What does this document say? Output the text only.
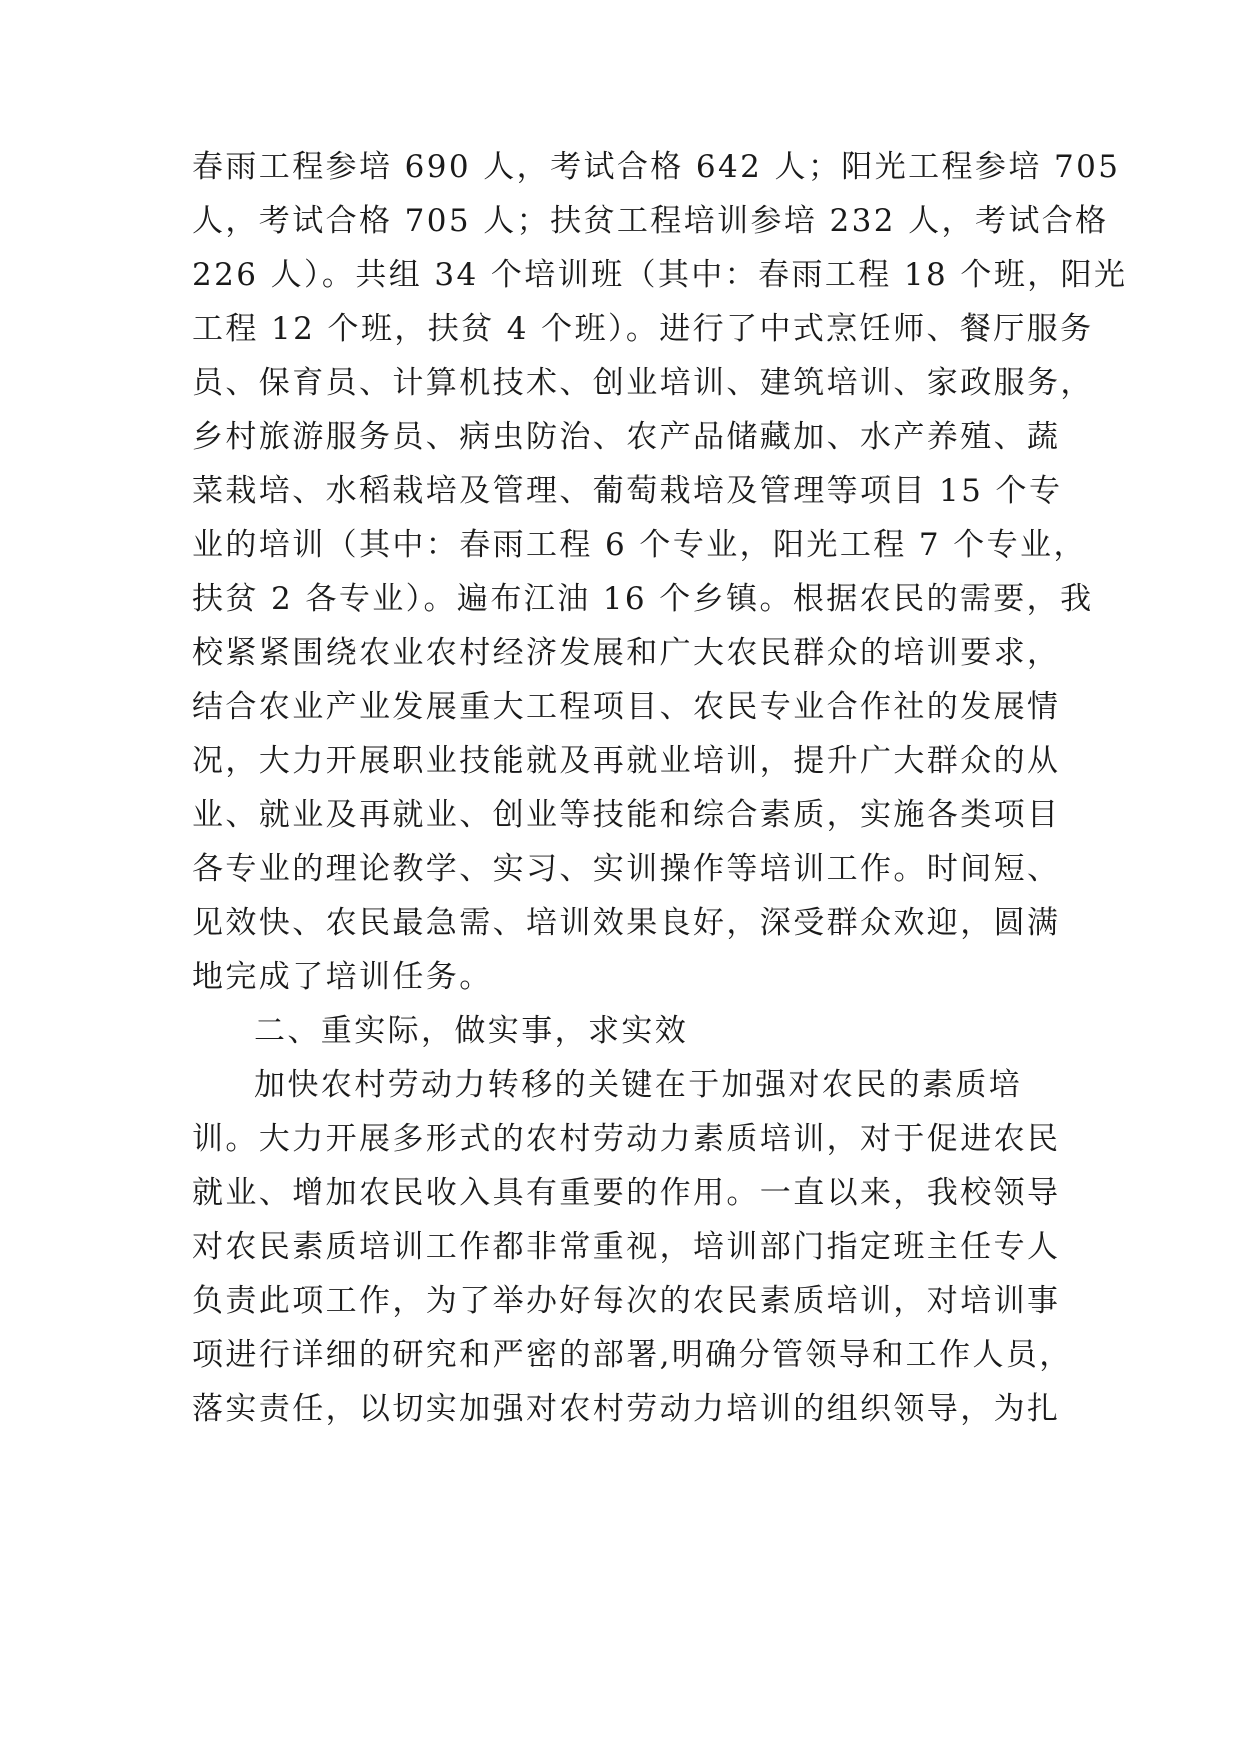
春雨工程参培 690 人，考试合格 642 人；阳光工程参培 705
人，考试合格 705 人；扶贫工程培训参培 232 人，考试合格
226 人）。共组 34 个培训班（其中：春雨工程 18 个班，阳光
工程 12 个班，扶贫 4 个班）。进行了中式烹饪师、餐厅服务
员、保育员、计算机技术、创业培训、建筑培训、家政服务，
乡村旅游服务员、病虫防治、农产品储藏加、水产养殖、蔬
菜栽培、水稻栽培及管理、葡萄栽培及管理等项目 15 个专
业的培训（其中：春雨工程 6 个专业，阳光工程 7 个专业，
扶贫 2 各专业）。遍布江油 16 个乡镇。根据农民的需要，我
校紧紧围绕农业农村经济发展和广大农民群众的培训要求，
结合农业产业发展重大工程项目、农民专业合作社的发展情
况，大力开展职业技能就及再就业培训，提升广大群众的从
业、就业及再就业、创业等技能和综合素质，实施各类项目
各专业的理论教学、实习、实训操作等培训工作。时间短、
见效快、农民最急需、培训效果良好，深受群众欢迎，圆满
地完成了培训任务。
二、重实际，做实事，求实效
加快农村劳动力转移的关键在于加强对农民的素质培
训。大力开展多形式的农村劳动力素质培训，对于促进农民
就业、增加农民收入具有重要的作用。一直以来，我校领导
对农民素质培训工作都非常重视，培训部门指定班主任专人
负责此项工作，为了举办好每次的农民素质培训，对培训事
项进行详细的研究和严密的部署,明确分管领导和工作人员，
落实责任，以切实加强对农村劳动力培训的组织领导，为扎
